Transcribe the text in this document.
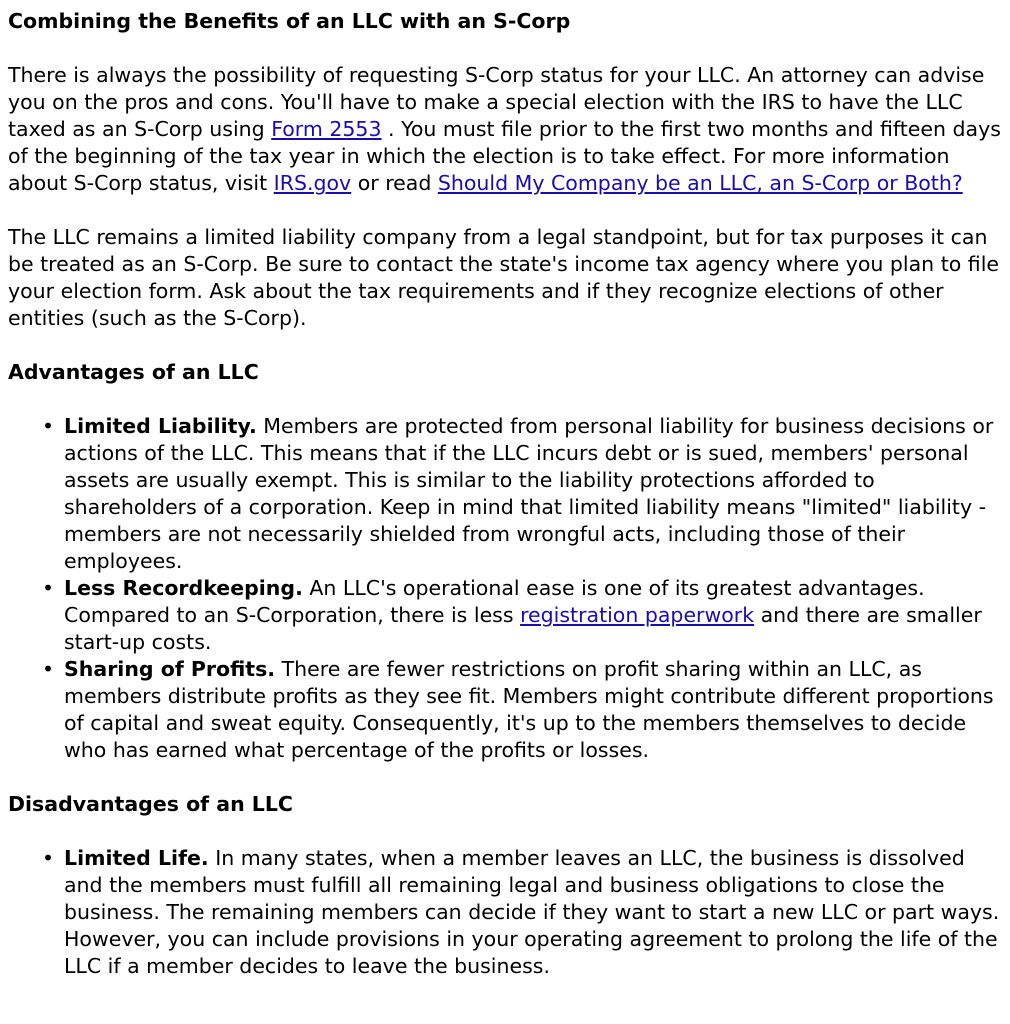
Combining the Benefits of an LLC with an S-Corp

There is always the possibility of requesting S-Corp status for your LLC. An attorney can advise you on the pros and cons. You'll have to make a special election with the IRS to have the LLC taxed as an S-Corp using Form 2553 . You must file prior to the first two months and fifteen days of the beginning of the tax year in which the election is to take effect. For more information about S-Corp status, visit IRS.gov or read Should My Company be an LLC, an S-Corp or Both?

The LLC remains a limited liability company from a legal standpoint, but for tax purposes it can be treated as an S-Corp. Be sure to contact the state's income tax agency where you plan to file your election form. Ask about the tax requirements and if they recognize elections of other entities (such as the S-Corp).

Advantages of an LLC
• Limited Liability. Members are protected from personal liability for business decisions or actions of the LLC. This means that if the LLC incurs debt or is sued, members' personal assets are usually exempt. This is similar to the liability protections afforded to shareholders of a corporation. Keep in mind that limited liability means "limited" liability - members are not necessarily shielded from wrongful acts, including those of their employees.
• Less Recordkeeping. An LLC's operational ease is one of its greatest advantages. Compared to an S-Corporation, there is less registration paperwork and there are smaller start-up costs.
• Sharing of Profits. There are fewer restrictions on profit sharing within an LLC, as members distribute profits as they see fit. Members might contribute different proportions of capital and sweat equity. Consequently, it's up to the members themselves to decide who has earned what percentage of the profits or losses.
Disadvantages of an LLC
• Limited Life. In many states, when a member leaves an LLC, the business is dissolved and the members must fulfill all remaining legal and business obligations to close the business. The remaining members can decide if they want to start a new LLC or part ways. However, you can include provisions in your operating agreement to prolong the life of the LLC if a member decides to leave the business.
